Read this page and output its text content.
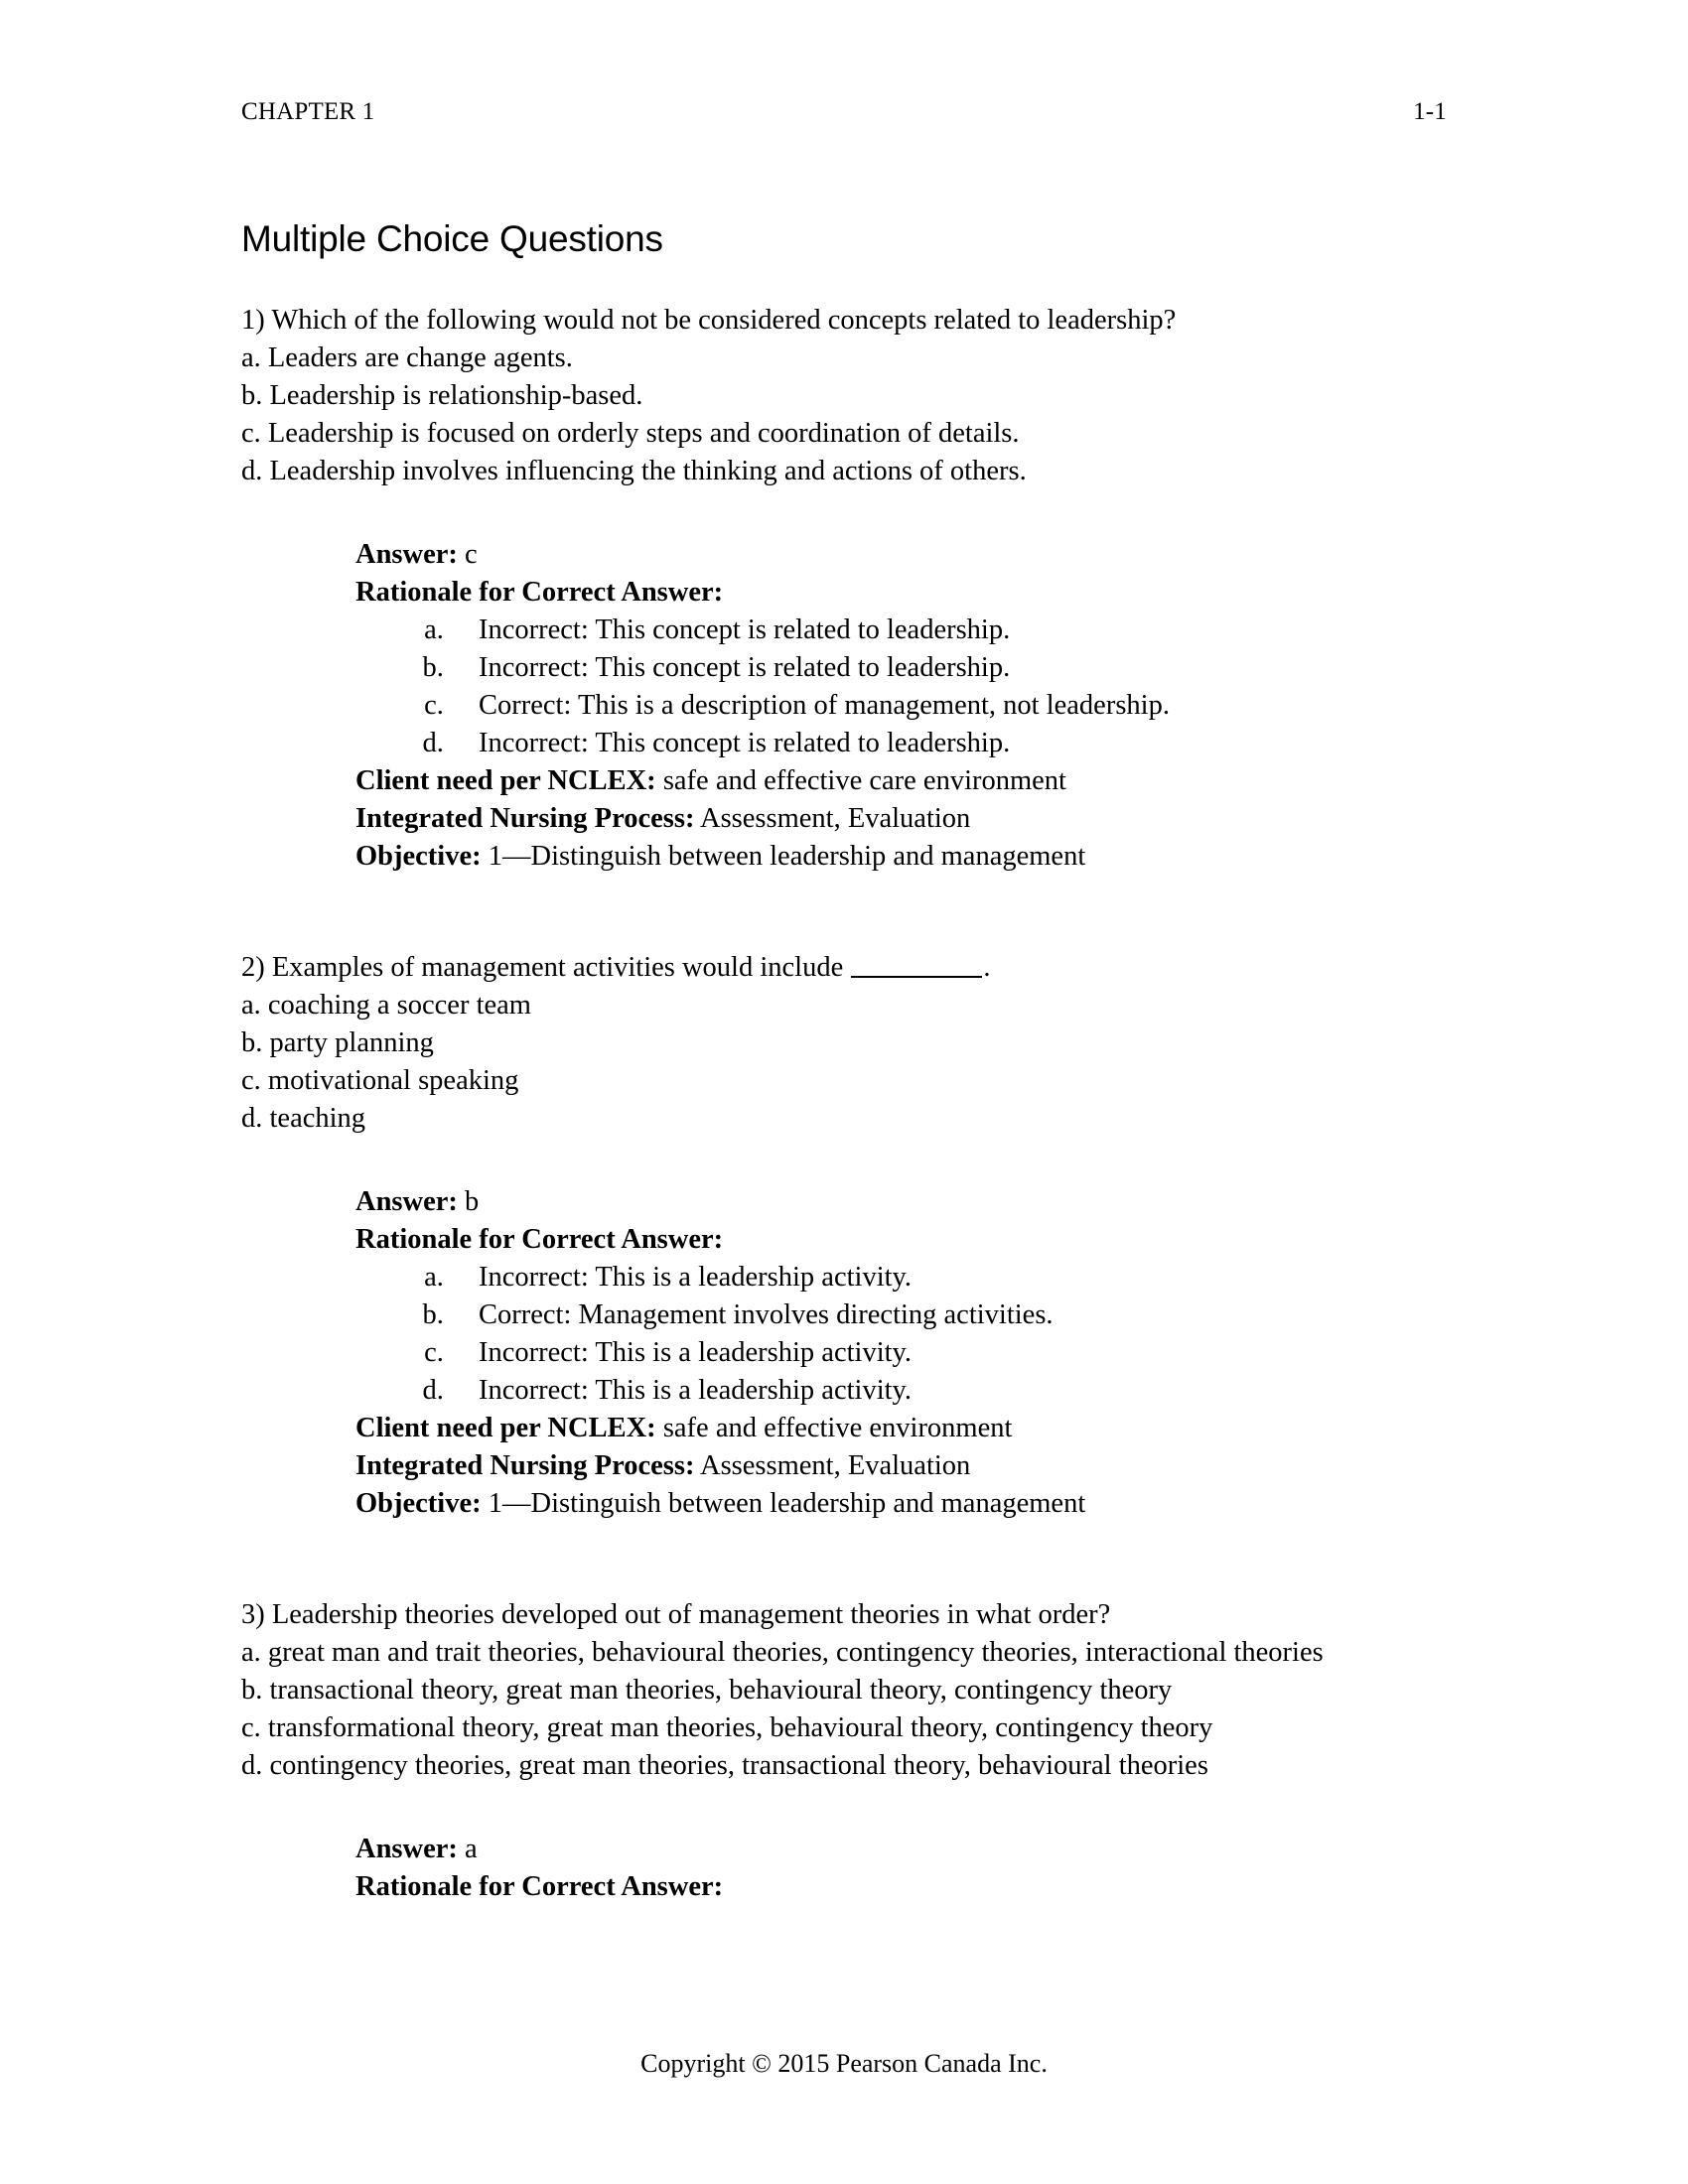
CHAPTER 1	1-1
Multiple Choice Questions

1) Which of the following would not be considered concepts related to leadership?

a. Leaders are change agents.

b. Leadership is relationship-based.

c. Leadership is focused on orderly steps and coordination of details.

d. Leadership involves influencing the thinking and actions of others.

Answer: c

Rationale for Correct Answer:

a. Incorrect: This concept is related to leadership.
b. Incorrect: This concept is related to leadership.
c. Correct: This is a description of management, not leadership.
d. Incorrect: This concept is related to leadership.

Client need per NCLEX: safe and effective care environment

Integrated Nursing Process: Assessment, Evaluation

Objective: 1—Distinguish between leadership and management

2) Examples of management activities would include	.

a. coaching a soccer team

b. party planning

c. motivational speaking

d. teaching

Answer: b

Rationale for Correct Answer:

a. Incorrect: This is a leadership activity.
b. Correct: Management involves directing activities.
c. Incorrect: This is a leadership activity.
d. Incorrect: This is a leadership activity.

Client need per NCLEX: safe and effective environment

Integrated Nursing Process: Assessment, Evaluation

Objective: 1—Distinguish between leadership and management

3) Leadership theories developed out of management theories in what order?

a. great man and trait theories, behavioural theories, contingency theories, interactional theories

b. transactional theory, great man theories, behavioural theory, contingency theory

c. transformational theory, great man theories, behavioural theory, contingency theory

d. contingency theories, great man theories, transactional theory, behavioural theories

Answer: a

Rationale for Correct Answer:

Copyright © 2015 Pearson Canada Inc.
